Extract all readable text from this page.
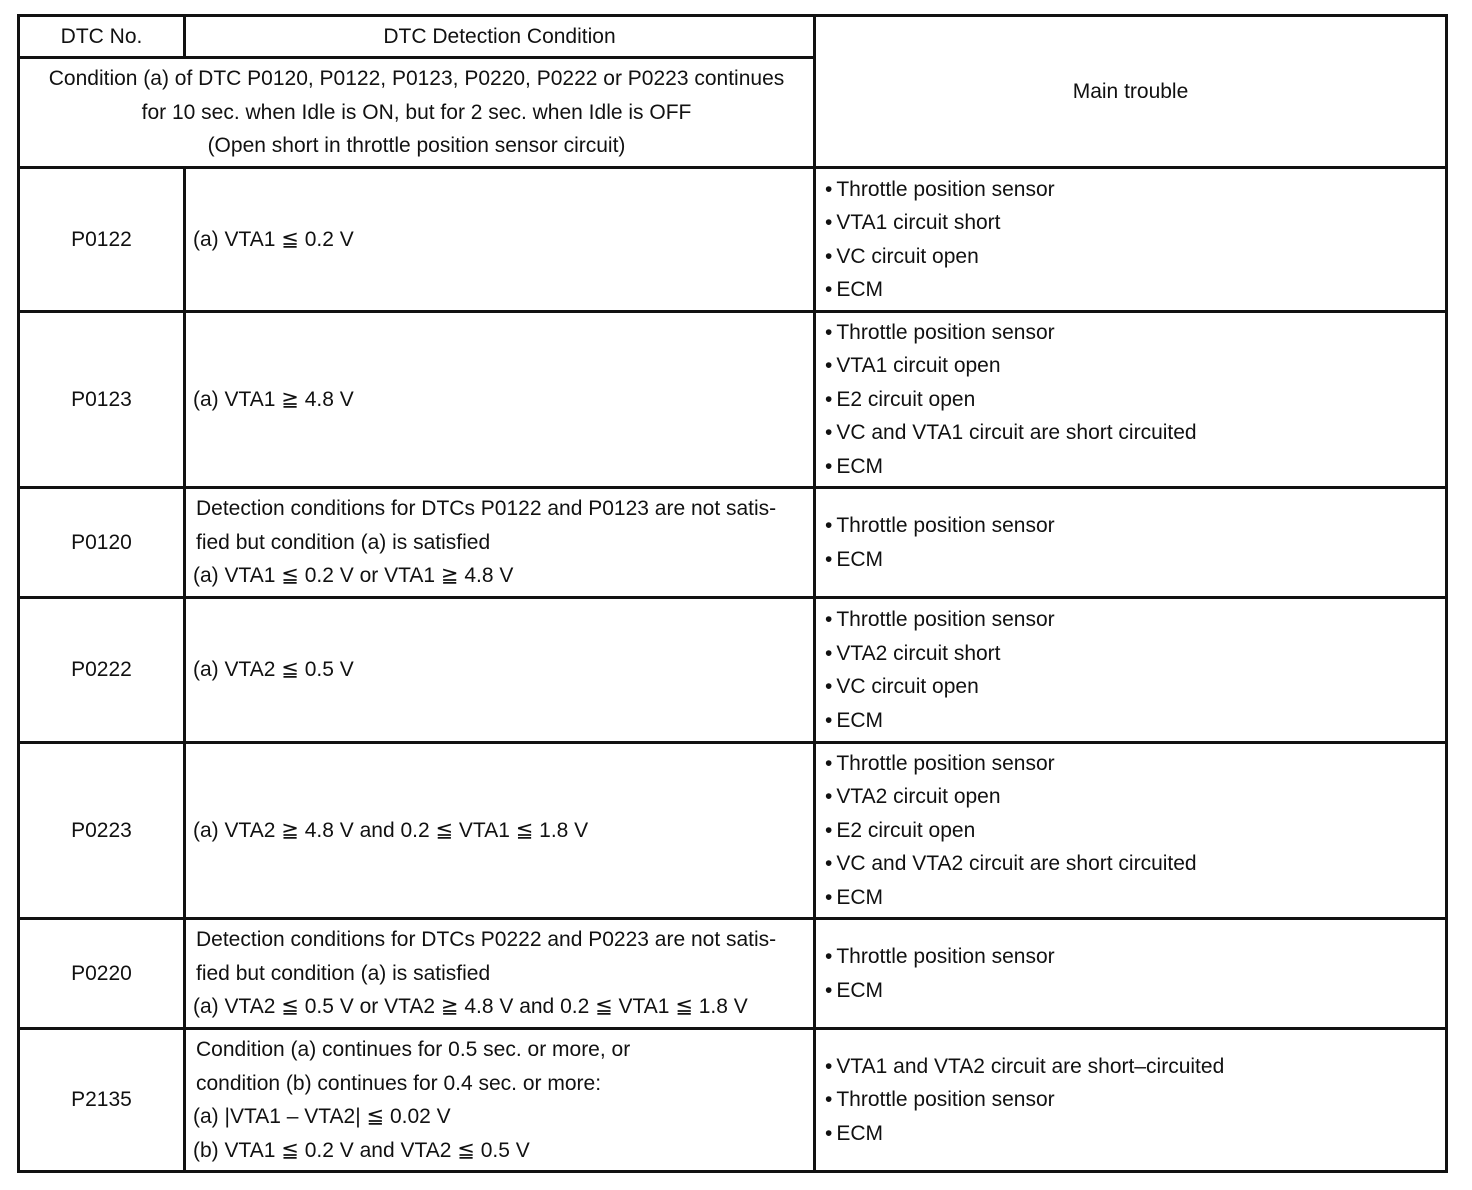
DTC No.	DTC Detection Condition	Main trouble

Condition (a) of DTC P0120, P0122, P0123, P0220, P0222 or P0223 continues
for 10 sec. when Idle is ON, but for 2 sec. when Idle is OFF
(Open short in throttle position sensor circuit)		

P0122	(a) VTA1 ≦ 0.2 V	• Throttle position sensor
• VTA1 circuit short
• VC circuit open
• ECM

P0123	(a) VTA1 ≧ 4.8 V	• Throttle position sensor
• VTA1 circuit open
• E2 circuit open
• VC and VTA1 circuit are short circuited
• ECM

P0120	Detection conditions for DTCs P0122 and P0123 are not satis-
fied but condition (a) is satisfied
(a) VTA1 ≦ 0.2 V or VTA1 ≧ 4.8 V	• Throttle position sensor
• ECM

P0222	(a) VTA2 ≦ 0.5 V	• Throttle position sensor
• VTA2 circuit short
• VC circuit open
• ECM

P0223	(a) VTA2 ≧ 4.8 V and 0.2 ≦ VTA1 ≦ 1.8 V	• Throttle position sensor
• VTA2 circuit open
• E2 circuit open
• VC and VTA2 circuit are short circuited
• ECM

P0220	Detection conditions for DTCs P0222 and P0223 are not satis-
fied but condition (a) is satisfied
(a) VTA2 ≦ 0.5 V or VTA2 ≧ 4.8 V and 0.2 ≦ VTA1 ≦ 1.8 V	• Throttle position sensor
• ECM

P2135	Condition (a) continues for 0.5 sec. or more, or
condition (b) continues for 0.4 sec. or more:
(a) |VTA1 – VTA2| ≦ 0.02 V
(b) VTA1 ≦ 0.2 V and VTA2 ≦ 0.5 V	• VTA1 and VTA2 circuit are short–circuited
• Throttle position sensor
• ECM
